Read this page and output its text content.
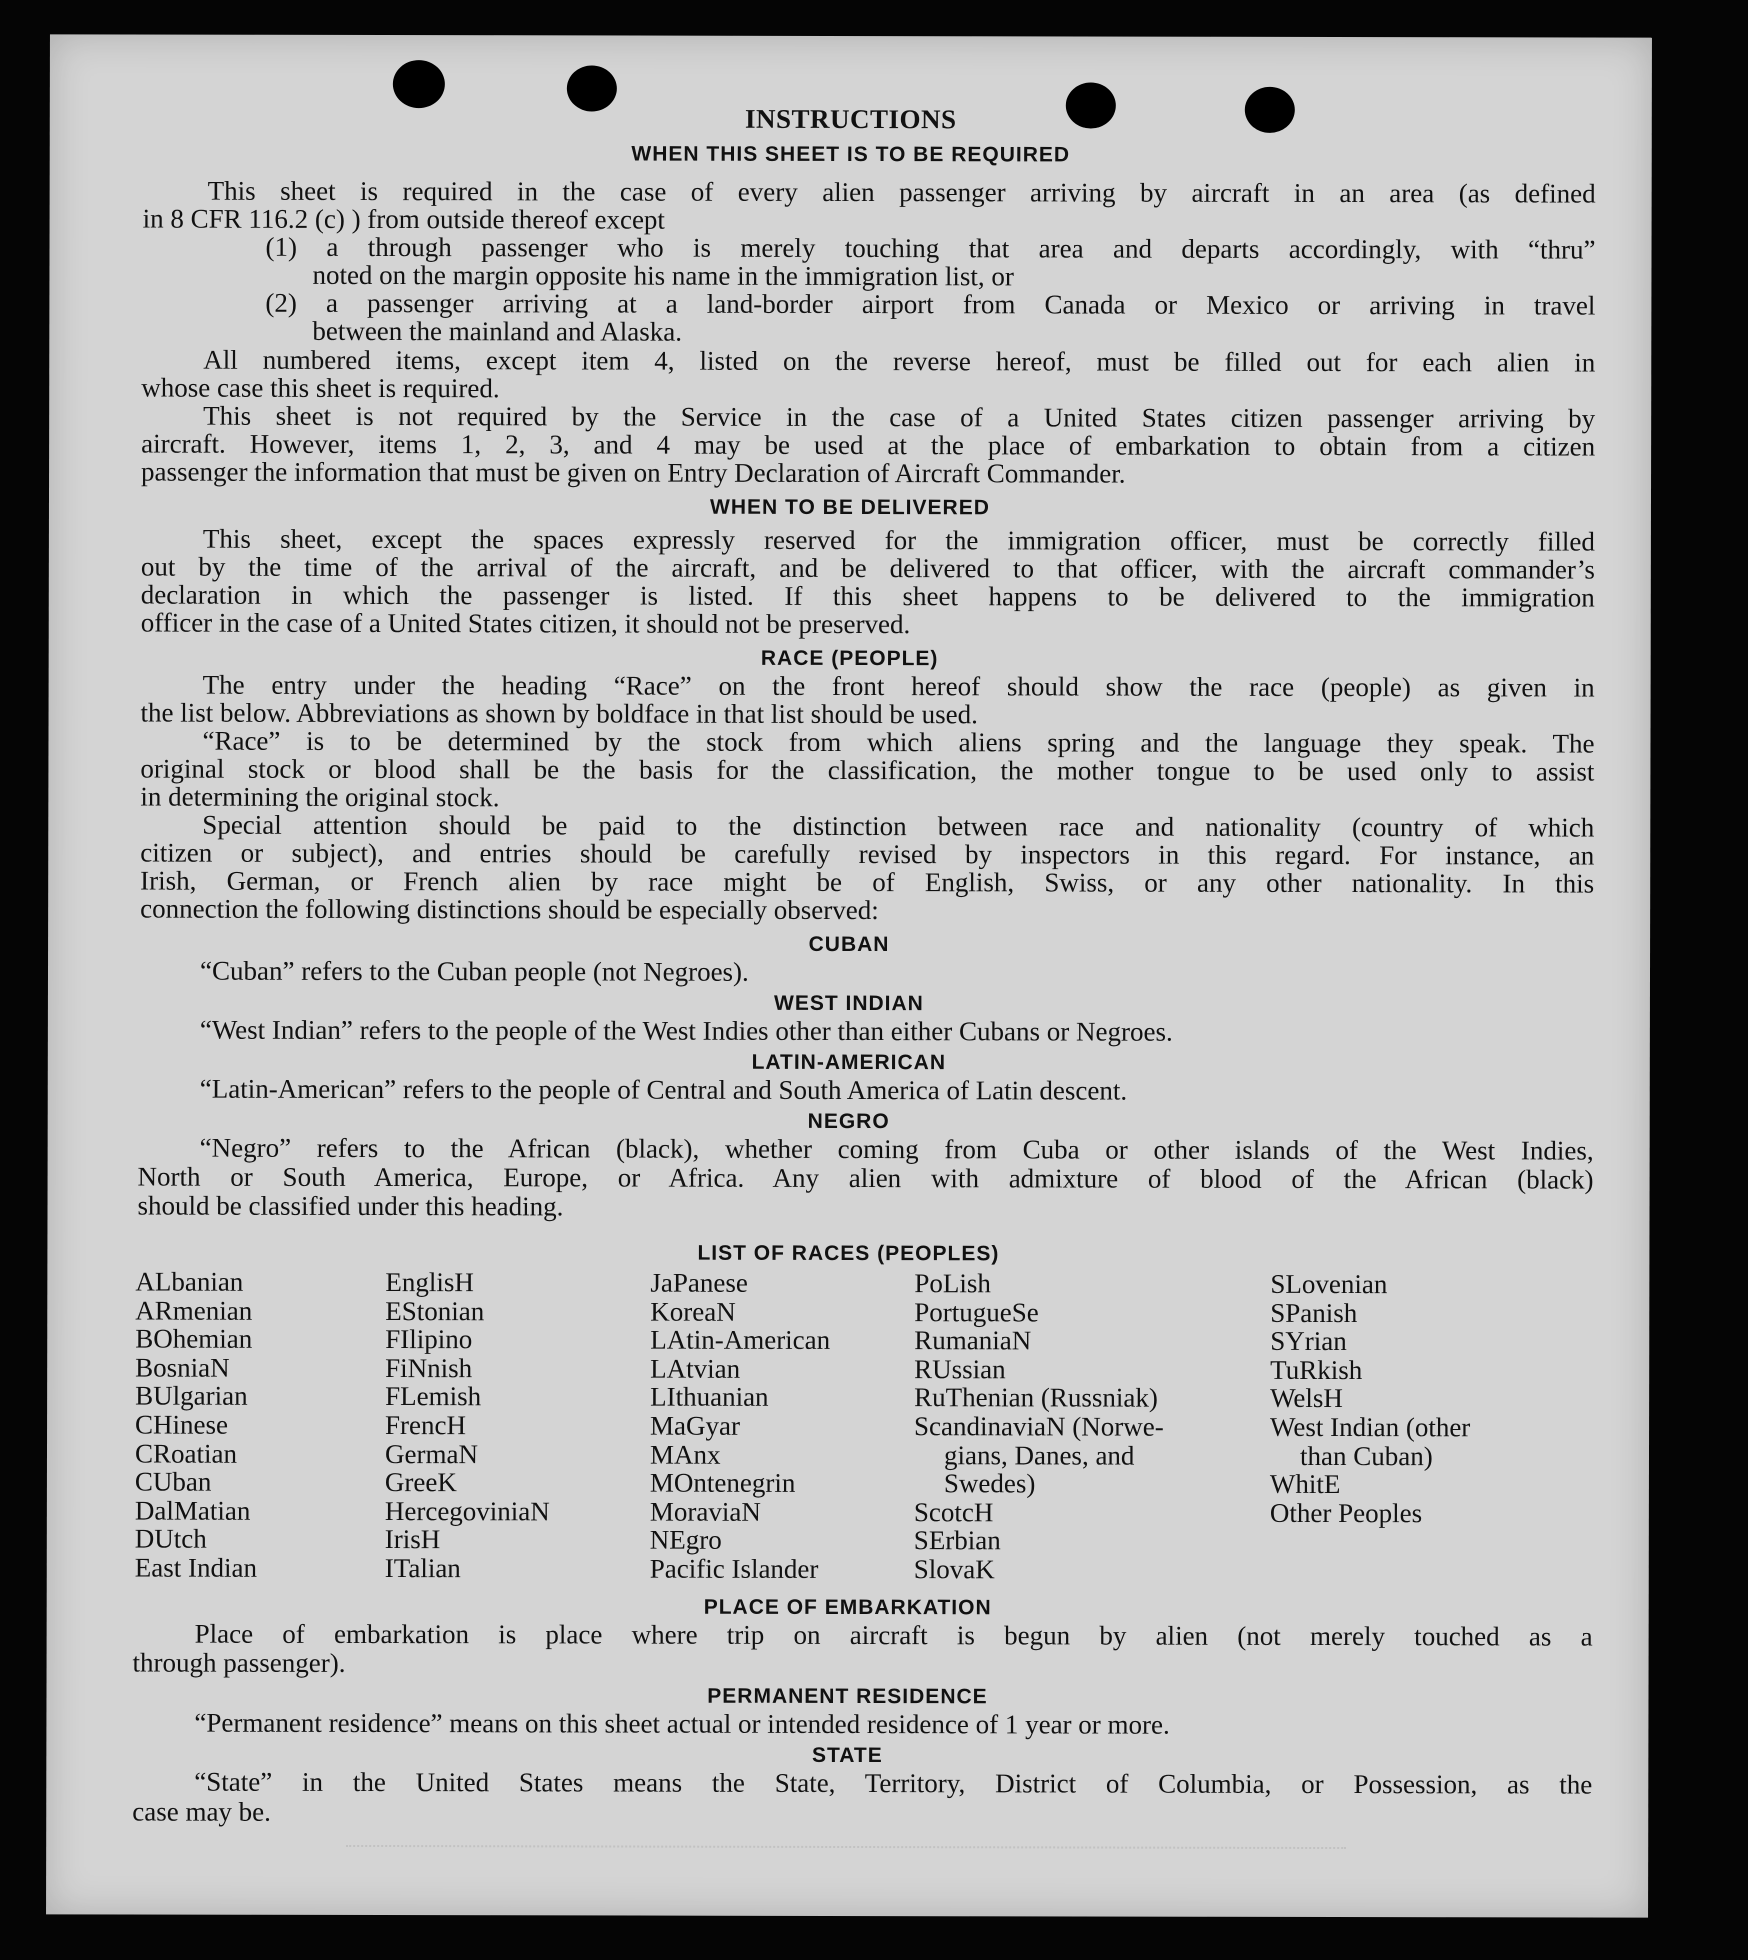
INSTRUCTIONS
WHEN THIS SHEET IS TO BE REQUIRED
This sheet is required in the case of every alien passenger arriving by aircraft in an area (as defined
in 8 CFR 116.2 (c) ) from outside thereof except
(1) a through passenger who is merely touching that area and departs accordingly, with “thru”
noted on the margin opposite his name in the immigration list, or
(2) a passenger arriving at a land-border airport from Canada or Mexico or arriving in travel
between the mainland and Alaska.
All numbered items, except item 4, listed on the reverse hereof, must be filled out for each alien in
whose case this sheet is required.
This sheet is not required by the Service in the case of a United States citizen passenger arriving by
aircraft. However, items 1, 2, 3, and 4 may be used at the place of embarkation to obtain from a citizen
passenger the information that must be given on Entry Declaration of Aircraft Commander.
WHEN TO BE DELIVERED
This sheet, except the spaces expressly reserved for the immigration officer, must be correctly filled
out by the time of the arrival of the aircraft, and be delivered to that officer, with the aircraft commander’s
declaration in which the passenger is listed. If this sheet happens to be delivered to the immigration
officer in the case of a United States citizen, it should not be preserved.
RACE (PEOPLE)
The entry under the heading “Race” on the front hereof should show the race (people) as given in
the list below. Abbreviations as shown by boldface in that list should be used.
“Race” is to be determined by the stock from which aliens spring and the language they speak. The
original stock or blood shall be the basis for the classification, the mother tongue to be used only to assist
in determining the original stock.
Special attention should be paid to the distinction between race and nationality (country of which
citizen or subject), and entries should be carefully revised by inspectors in this regard. For instance, an
Irish, German, or French alien by race might be of English, Swiss, or any other nationality. In this
connection the following distinctions should be especially observed:
CUBAN
“Cuban” refers to the Cuban people (not Negroes).
WEST INDIAN
“West Indian” refers to the people of the West Indies other than either Cubans or Negroes.
LATIN-AMERICAN
“Latin-American” refers to the people of Central and South America of Latin descent.
NEGRO
“Negro” refers to the African (black), whether coming from Cuba or other islands of the West Indies,
North or South America, Europe, or Africa. Any alien with admixture of blood of the African (black)
should be classified under this heading.
LIST OF RACES (PEOPLES)
ALbanian
ARmenian
BOhemian
BosniaN
BUlgarian
CHinese
CRoatian
CUban
DalMatian
DUtch
East Indian
EnglisH
EStonian
FIlipino
FiNnish
FLemish
FrencH
GermaN
GreeK
HercegoviniaN
IrisH
ITalian
JaPanese
KoreaN
LAtin-American
LAtvian
LIthuanian
MaGyar
MAnx
MOntenegrin
MoraviaN
NEgro
Pacific Islander
PoLish
PortugueSe
RumaniaN
RUssian
RuThenian (Russniak)
ScandinaviaN (Norwe-
gians, Danes, and
Swedes)
ScotcH
SErbian
SlovaK
SLovenian
SPanish
SYrian
TuRkish
WelsH
West Indian (other
than Cuban)
WhitE
Other Peoples
PLACE OF EMBARKATION
Place of embarkation is place where trip on aircraft is begun by alien (not merely touched as a
through passenger).
PERMANENT RESIDENCE
“Permanent residence” means on this sheet actual or intended residence of 1 year or more.
STATE
“State” in the United States means the State, Territory, District of Columbia, or Possession, as the
case may be.
